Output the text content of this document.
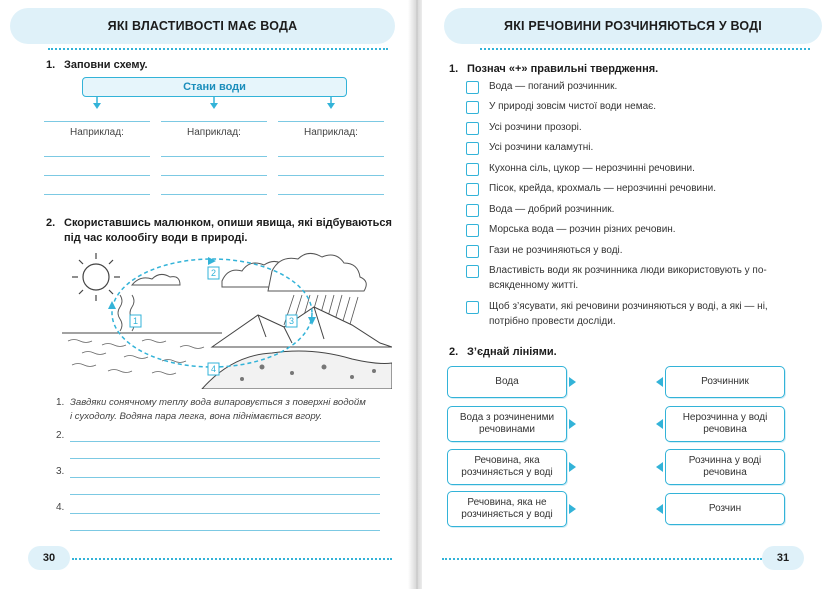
ЯКІ ВЛАСТИВОСТІ МАЄ ВОДА
1. Заповни схему.
Стани води
Наприклад:	Наприклад:	Наприклад:
2. Скориставшись малюнком, опиши явища, які відбуваються
під час колообігу води в природі.
1
2
3
4
1. Завдяки сонячному теплу вода випаровується з поверхні водойм
і суходолу. Водяна пара легка, вона піднімається вгору.
2.
3.
4.
30
ЯКІ РЕЧОВИНИ РОЗЧИНЯЮТЬСЯ У ВОДІ
1. Познач «+» правильні твердження.
Вода — поганий розчинник.
У природі зовсім чистої води немає.
Усі розчини прозорі.
Усі розчини каламутні.
Кухонна сіль, цукор — нерозчинні речовини.
Пісок, крейда, крохмаль — нерозчинні речовини.
Вода — добрий розчинник.
Морська вода — розчин різних речовин.
Гази не розчиняються у воді.
Властивість води як розчинника люди використовують у по-
всякденному житті.
Щоб з’ясувати, які речовини розчиняються у воді, а які — ні,
потрібно провести досліди.
2. З’єднай лініями.
Вода
Вода з розчиненими
речовинами
Речовина, яка
розчиняється у воді
Речовина, яка не
розчиняється у воді
Розчинник
Нерозчинна у воді
речовина
Розчинна у воді
речовина
Розчин
31
